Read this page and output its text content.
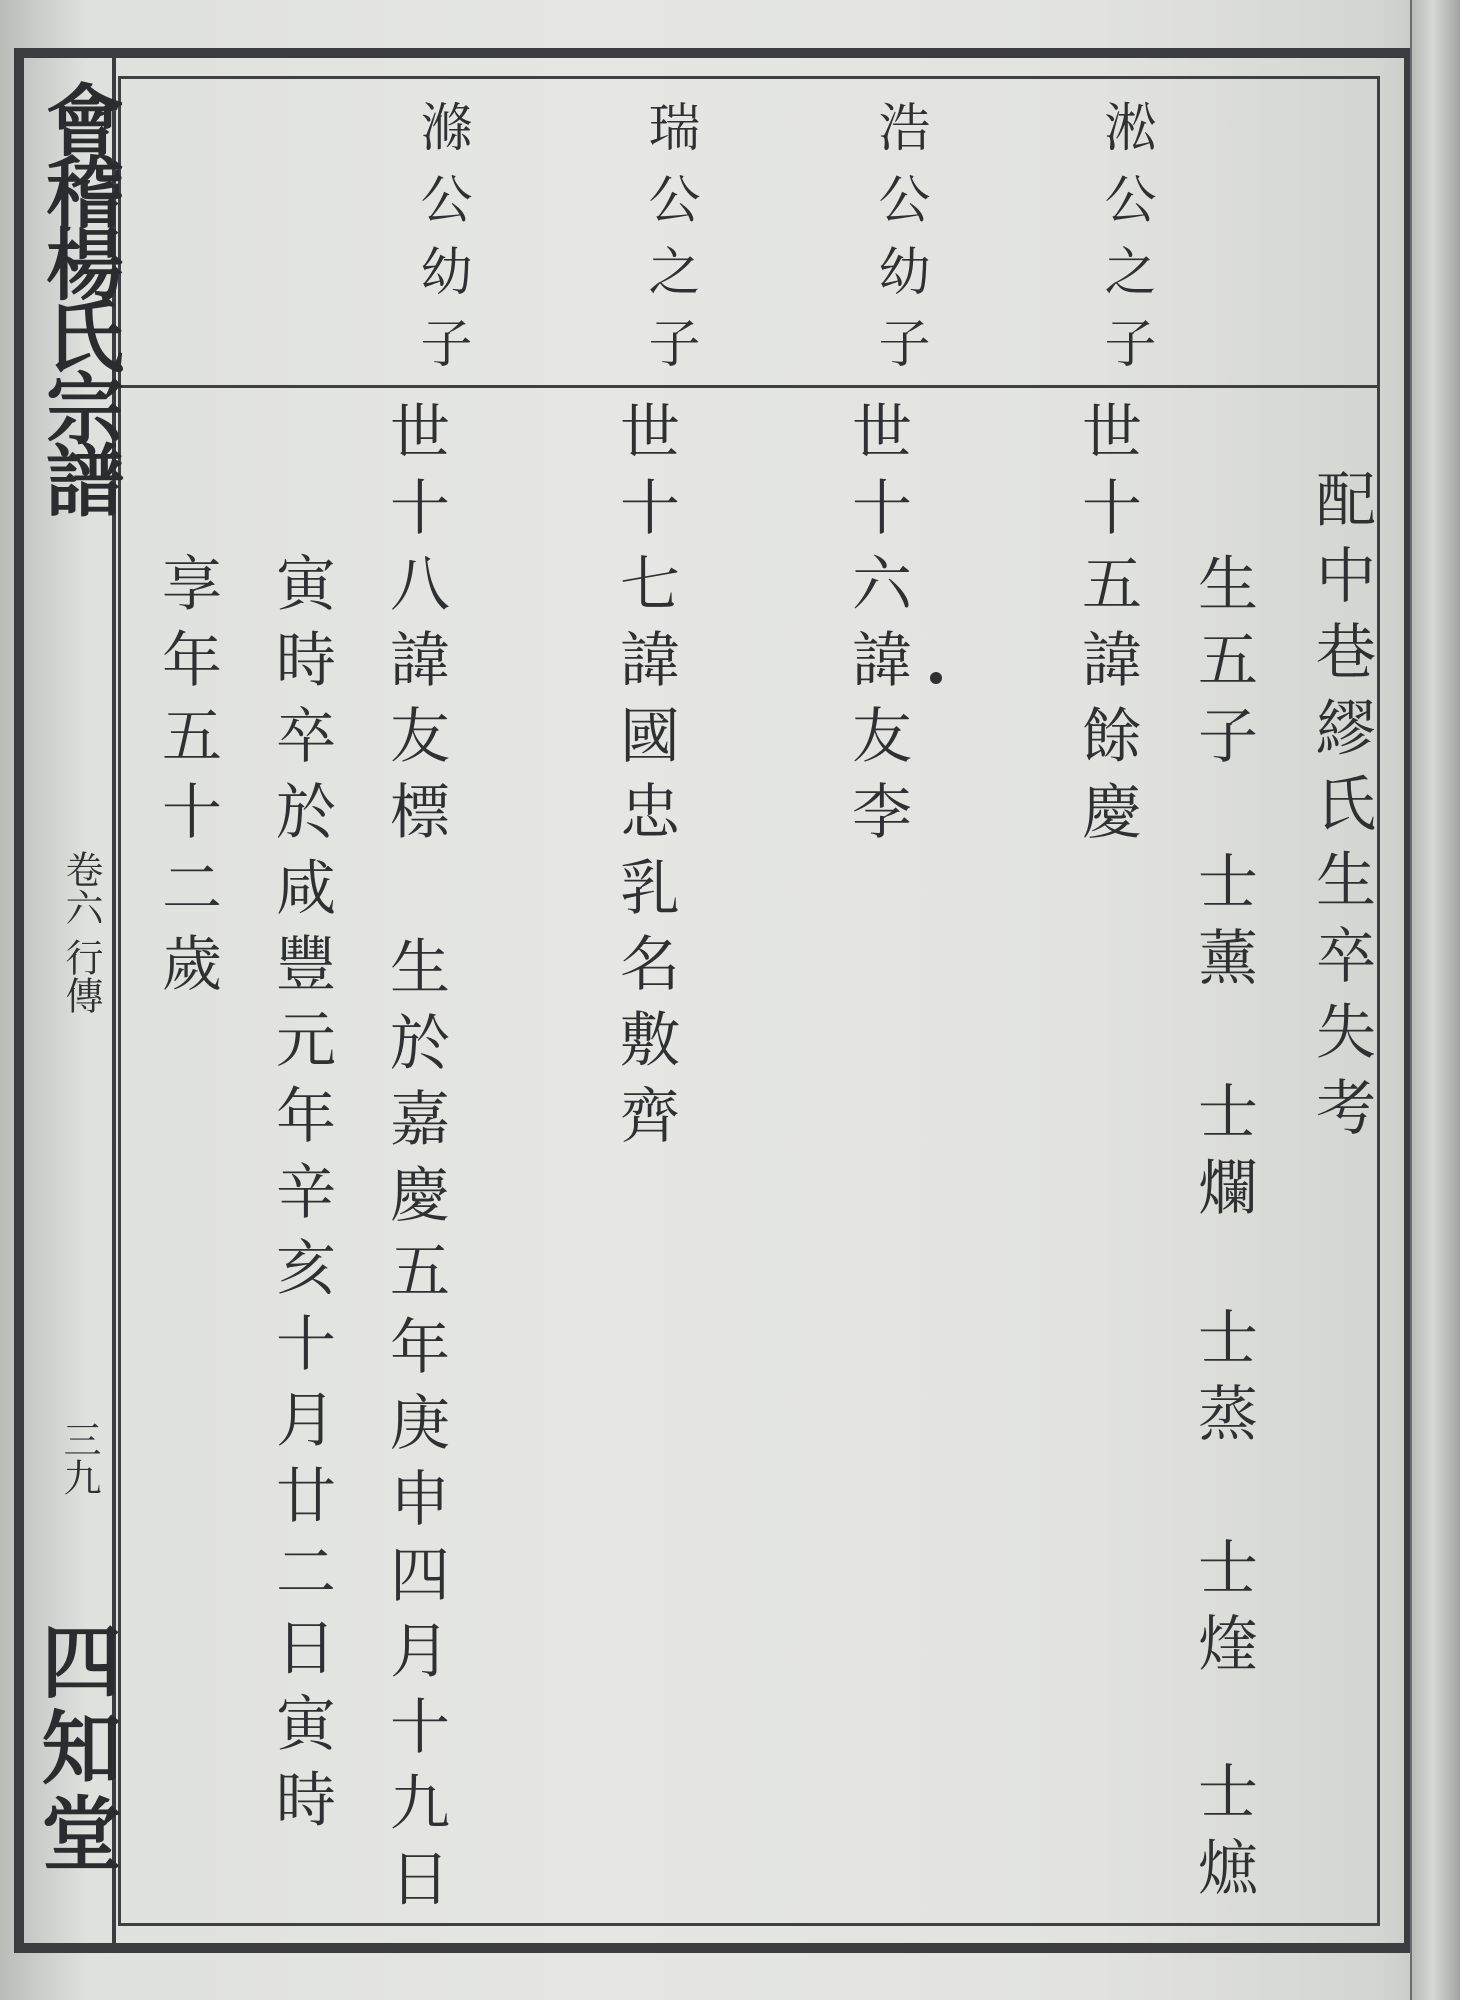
會稽楊氏宗譜
卷六 行傳
三九
四知堂
淞公之子
浩公幼子
瑞公之子
滌公幼子
配中巷繆氏生卒失考
生五子
士薰
士爛
士蒸
士煃
士熫
世十五諱餘慶
世十六諱友李
世十七諱國忠乳名敷齊
世十八諱友標
生於嘉慶五年庚申四月十九日
寅時卒於咸豐元年辛亥十月廿二日寅時
享年五十二歲
